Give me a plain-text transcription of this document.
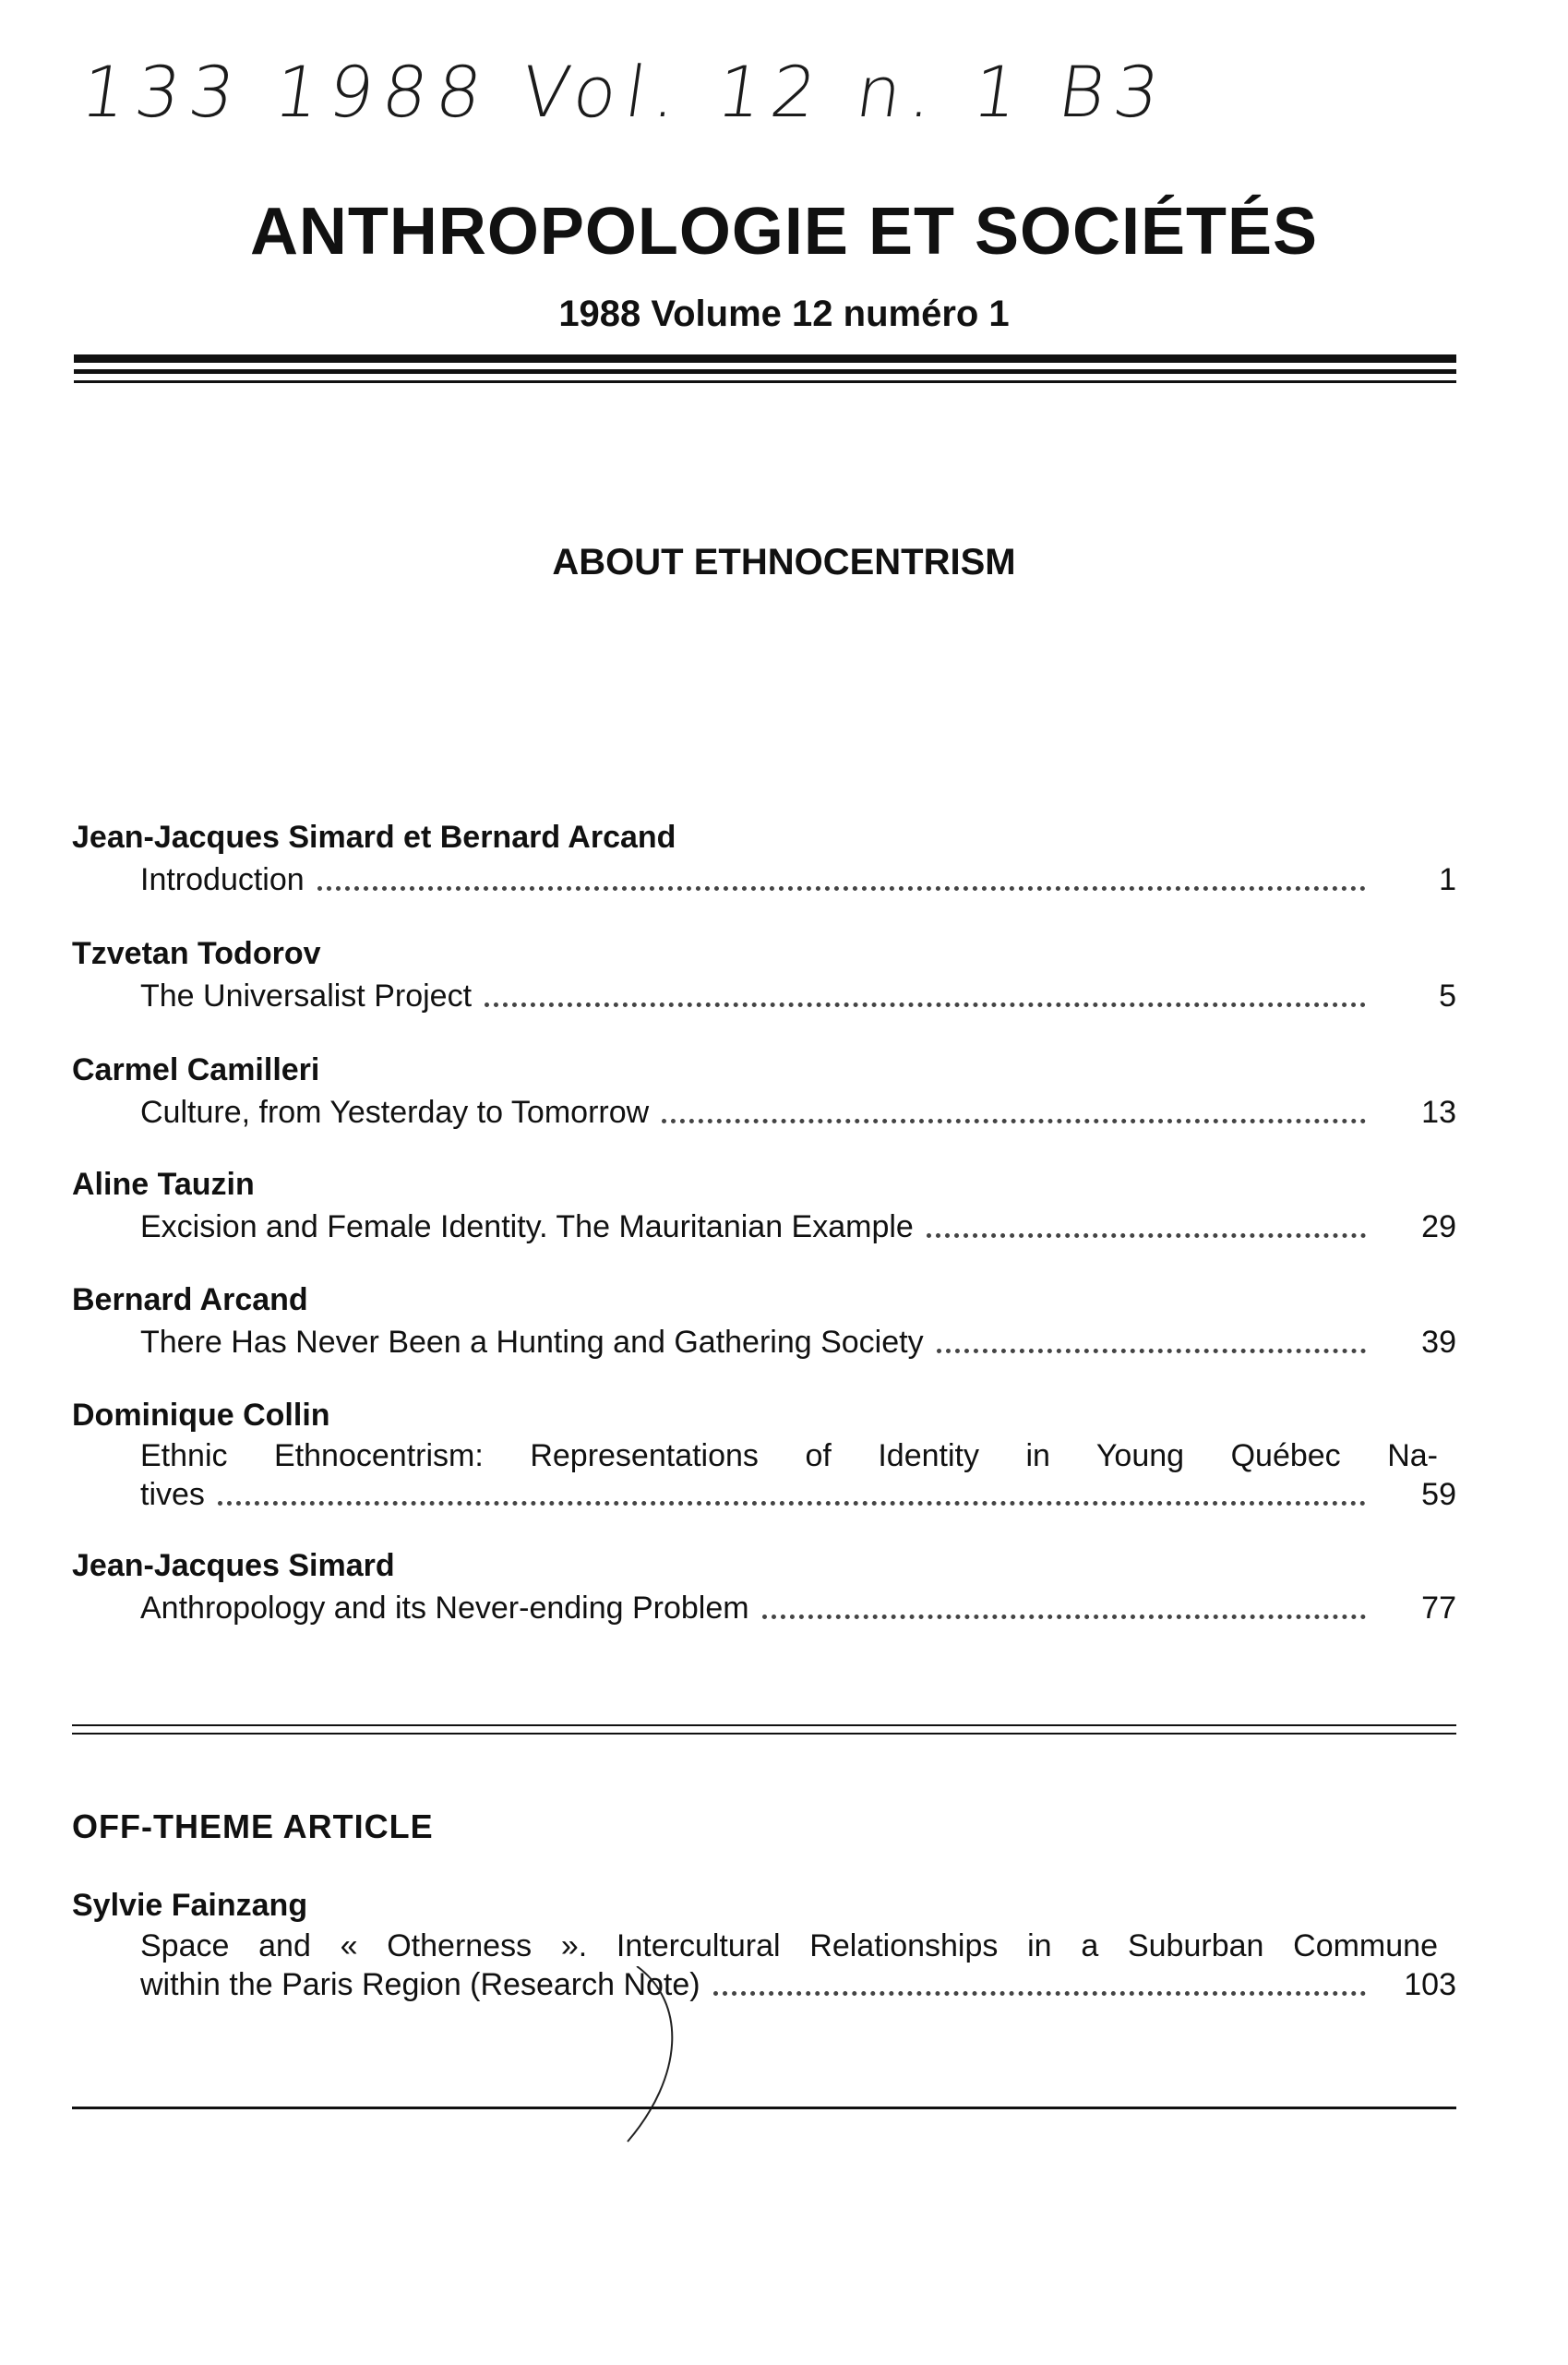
133 1988 Vol. 12 n. 1 B3
ANTHROPOLOGIE ET SOCIÉTÉS
1988 Volume 12 numéro 1
ABOUT ETHNOCENTRISM
Jean-Jacques Simard et Bernard Arcand
Introduction	1
Tzvetan Todorov
The Universalist Project	5
Carmel Camilleri
Culture, from Yesterday to Tomorrow	13
Aline Tauzin
Excision and Female Identity. The Mauritanian Example	29
Bernard Arcand
There Has Never Been a Hunting and Gathering Society	39
Dominique Collin
Ethnic Ethnocentrism: Representations of Identity in Young Québec Na-
tives	59
Jean-Jacques Simard
Anthropology and its Never-ending Problem	77
OFF-THEME ARTICLE
Sylvie Fainzang
Space and « Otherness ». Intercultural Relationships in a Suburban Commune
within the Paris Region (Research Note)	103
